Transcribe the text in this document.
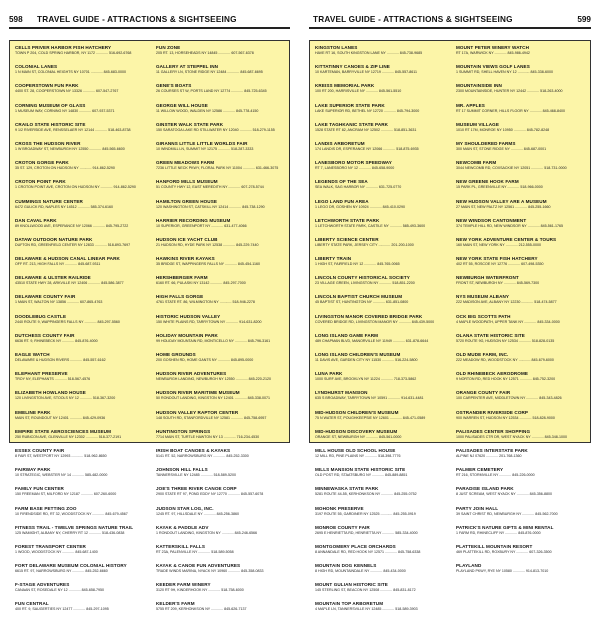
598 TRAVEL GUIDE - ATTRACTIONS & SIGHTSEEING
CELLS PRIVER HARBOR FISH HATCHERY
TOWN P 204, COLD SPRING HARBOR, NY 1172 ............ 516-692-6768
COLONIAL LANES
1 N MAIN ST, COLONIAL HEIGHTS NY 10701 ............ 845-683-0000
COOPERSTOWN FUN PARK
4400 ST. 28, COOPERSTOWN NY 13326 ............ 607-547-2767
CORNING MUSEUM OF GLASS
1 MUSEUM WAY, CORNING NY 14830 ............ 607-937-5371
CRAILO STATE HISTORIC SITE
9 1/2 RIVERSIDE AVE, RENSSELAER NY 12144 ............ 518-463-8738
CROSS THE HUDSON RIVER
1 W BROADWAY ST, NEWBURGH NY 12550 ............ 845-565-6600
CROTON GORGE PARK
35 ST. 129, CROTON ON HUDSON NY ............ 914-862-5290
CROTON POINT PARK
1 CROTON POINT AVE, CROTON ON HUDSON NY ............ 914-862-5290
CUMMINGS NATURE CENTER
6472 GULICK RD, NAPLES NY 14512 ............ 585-374-6160
DAN CAVAL PARK
89 KNOLLWOOD AVE, ESPERANCE NY 12066 ............ 845-795-2722
DATAW OUTDOOR NATURE PARK
DUFTON RD, GREENFIELD CENTER NY 12833 ............ 518-893-7697
DELAWARE & HUDSON CANAL LINEAR PARK
OFF RT. 213, HIGH FALLS NY ............ 845-687-9311
DELAWARE & ULSTER RAILRIDE
43510 STATE HWY 28, ARKVILLE NY 12406 ............ 845-586-3877
DELAWARE COUNTY FAIR
1 MAIN ST, WALTON NY 13856 ............ 607-865-4763
DOODLEBUG CASTLE
2440 ROUTE 9, WAPPINGERS FALLS NY ............ 845-297-5560
DUTCHESS COUNTY FAIR
6636 RT. 9, RHINEBECK NY ............ 845-876-4000
EAGLE WATCH
DELAWARE & HUDSON RIVERS ............ 845-557-6162
ELEPHANT PRESERVE
TROY NY, ELEPHANTS ............ 518-567-4576
ELIZABETH HOWLAND HOUSE
120 LIVINGSTON AVE, STOOLS NY 12 ............ 518-367-3200
EMELINE PARK
MAIN ST, ROUNDOUT NY 12401 ............ 845-429-0936
EMPIRE STATE AEROSCIENCES MUSEUM
250 RUBICON AVE, GLENVILLE NY 12302 ............ 518-377-2191
ESSEX COUNTY FAIR
8 FAIR ST, WESTPORT NY 12993 ............ 518-962-8650
FAIRWAY PARK
10 STRATEGIC, WEBSTER NY 14 ............ 585-482-0000
FAMILY FUN CENTER
150 FREEMAN ST, MILFORD NY 12187 ............ 607-260-6000
FARM BASE PETTING ZOO
10 FIRENDSIDE RD, RT 32, WOODSTOCK NY ............ 845-679-4567
FITNESS TRAIL - TWELVE SPRINGS NATURE TRAIL
125 WAMIGHT, ALBANY NY, CHERRY RT 12 ............ 518-436-0838
FOREST TRANSPORT CENTER
1 WOOD, WOODSTOCK NY ............ 845-687-1400
FORT DELAWARE MUSEUM COLONIAL HISTORY
6615 RT. 97, NARROWSBURG NY ............ 845-252-6660
F-STAGE ADVENTURES
CANAAN ST, ROSEDALE NY 12 ............ 845-658-7950
FUN CENTRAL
400 RT. 9, SAUGERTIES NY 12477 ............ 845-297-1095
FUN ZONE
205 RT. 13, HORSEHEADS NY 14845 ............ 607-567-6378
GALLERY AT STEPPEL INN
11 GALLERY LN, STONE RIDGE NY 12484 ............ 845-687-6695
GENE'S BOATS
26 COURSES ST W, PORTS LAND NY 12774 ............ 845-725-6345
GEORGE WILL HOUSE
11 WILLOW WOOD, WALDEN NY 12586 ............ 845-778-4150
GINSTER WALK STATE PARK
150 SARATOGA LAKE RD STILLWATER NY 12040 ............ 518-279-1155
GIRANNS LITTLE LITTLE WORLDS FAIR
10 WINDMILL LN, SUMMIT NY 12175 ............ 518-287-3333
GREEN MEADOWS FARM
7236 LITTLE NECK PKWY, FLORAL PARK NY 11004 ............ 631-466-3075
HANFORD MILLS MUSEUM
51 COUNTY HWY 12, EAST MEREDITH NY ............ 607-278-5744
HAMILTON GREEN HOUSE
120 WASHINGTON ST, CATSKILL NY 12414 ............ 845-738-1290
HARRIER RECORDING MUSEUM
10 SUPERIOR, GREENPORT NY ............ 631-477-4066
HUDSON ICE YACHT CLUB
21 HUDSON RD, HYDE PARK NY 12538 ............ 845-229-7440
HAWKINS RIVER KAYAKS
35 BRIDGE ST, WAPPINGERS FALLS NY ............ 845-454-1160
HERSHBERGER FARM
6160 RT. 66, PULASKI NY 13142 ............ 845-297-7000
HIGH FALLS GORGE
4761 STATE RT. 86, WILMINGTON NY ............ 518-946-2278
HISTORIC HUDSON VALLEY
150 WHITE PLAINS RD, TARRYTOWN NY ............ 914-631-8200
HOLIDAY MOUNTAIN PARK
99 HOLIDAY MOUNTAIN RD, MONTICELLO NY ............ 845-796-3161
HOME GROUNDS
200 GOSHEN RD, HOME GANTS NY ............ 845-895-0000
HUDSON RIVER ADVENTURES
NEWBURGH LANDING, NEWBURGH NY 12550 ............ 845-220-2120
HUDSON RIVER MARITIME MUSEUM
50 RONDOUT LANDING, KINGSTON NY 12401 ............ 845-338-0071
HUDSON VALLEY RAPTOR CENTER
148 SOUTH RD, STANFORDVILLE NY 12581 ............ 845-758-6957
HUNTINGTON SPRINGS
7714 MAIN ST, TURTLE HAWTON NY 13 ............ 716-234-4530
IRISH BOAT CANOES & KAYAKS
5141 RT. 52, NARROWSBURG NY ............ 845-252-3300
JOHNSON HILL FALLS
TANNERSVILLE NY 12485 ............ 518-589-5200
JOE'S THREE RIVER CANOE CORP
2900 STATE RT 97, POND EDDY NY 12770 ............ 845-557-6078
JUDSON STAR LOG, INC.
1245 RT. 97, HILLSDALE NY ............ 845-256-3860
KAYAK & PADDLE ADV
1 RONDOUT LANDING, KINGSTON NY ............ 845-246-6566
KATTERSKILL FALLS
RT 23A, PALENVILLE NY ............ 518-589-5058
KAYAK & CANOE FUN ADVENTURES
TRADE WINDS MARINA, NYACK NY 10960 ............ 845-358-0833
KEEDER FARM WINERY
3120 RT 9H, KINDERHOOK NY ............ 518-758-6000
KELDER'S FARM
5755 RT 209, KERHONKSON NY ............ 845-626-7137
TRAVEL GUIDE - ATTRACTIONS & SIGHTSEEING	599
KINGSTON LANES
HAVE RT 16, SOUTH KINGSTON LANE NY ............ 845-738-9685
KITTATINNY CANOES & ZIP LINE
10 KARTEMAN, BARRYVILLE NY 12719 ............ 845-557-8611
KREISS MEMORIAL PARK
100 RT 200, HARRISVILLE NY ............ 845-561-5510
LAKE SUPERIOR STATE PARK
LAKE SUPERIOR RD, BETHEL NY 12720 ............ 845-794-3000
LAKE TAGHKANIC STATE PARK
1528 STATE RT 82, ANCRAM NY 12502 ............ 518-851-3631
LANDIS ARBORETUM
174 LANDIS DR, ESPERANCE NY 12066 ............ 518-875-6935
LANESBORO MOTOR SPEEDWAY
RT 7, LANESBORO NY 12 ............ 845-658-9000
LEGENDS OF THE SEA
SEA WALK, SAG HARBOR NY ............ 631-725-0770
LEGO LAND FUN AREA
1 LEGO DR, GOSHEN NY 10924 ............ 845-410-0290
LETCHWORTH STATE PARK
1 LETCHWORTH STATE PARK, CASTILE NY ............ 585-493-3600
LIBERTY SCIENCE CENTER
LIBERTY STATE PARK, JERSEY CITY ............ 201-200-1000
LIBERTY TRAIN
1 HIGH ST, FAIRFIELD NY 12 ............ 845-765-0065
LINCOLN COUNTY HISTORICAL SOCIETY
23 VILLAGE GREEN, LIVINGSTON NY ............ 518-851-2200
LINCOLN BAPTIST CHURCH MUSEUM
45 BAPTIST ST, HUNTINGTON NY ............ 631-851-0800
LIVINGSTON MANOR COVERED BRIDGE PARK
COVERED BRIDGE RD, LIVINGSTON MANOR NY ............ 845-439-5000
LONG ISLAND GAME FARM
489 CHAPMAN BLVD, MANORVILLE NY 11949 ............ 631-878-6644
LONG ISLAND CHILDREN'S MUSEUM
11 DAVIS AVE, GARDEN CITY NY 11530 ............ 516-224-5800
LUNA PARK
1000 SURF AVE, BROOKLYN NY 11224 ............ 718-373-5862
LYNDHURST MANSION
635 S BROADWAY, TARRYTOWN NY 10591 ............ 914-631-4481
MID-HUDSON CHILDREN'S MUSEUM
75 N WATER ST, POUGHKEEPSIE NY 12601 ............ 845-471-0589
MID-HUDSON DISCOVERY MUSEUM
ORANGE ST, NEWBURGH NY ............ 845-561-0000
MILL HOUSE OLD SCHOOL HOUSE
12 MILL RD, PINE PLAINS NY ............ 518-398-7776
MILLS MANSION STATE HISTORIC SITE
OLD POST RD, STAATSBURG NY ............ 845-889-8851
MINNEWASKA STATE PARK
5281 ROUTE 44-55, KERHONKSON NY ............ 845-255-0752
MOHONK PRESERVE
3197 ROUTE 55, GARDINER NY 12525 ............ 845-255-0919
MONROE COUNTY FAIR
2695 E HENRIETTA RD, HENRIETTA NY ............ 585-334-4000
MONTGOMERY PLACE ORCHARDS
8 ANNANDALE RD, RED HOOK NY 12571 ............ 845-758-6338
MOUNTAIN DOG KENNELS
8 HIGH RD, MOUNTAINDALE NY ............ 845-434-0000
MOUNT GULIAN HISTORIC SITE
145 STERLING ST, BEACON NY 12508 ............ 845-831-8172
MOUNTAIN TOP ARBORETUM
4 MAPLE LN, TANNERSVILLE NY 12485 ............ 518-589-3903
MOUNT PETER WINERY WATCH
RT 17A, WARWICK NY ............ 845-986-4942
MOUNTAIN VIEWS GOLF LANES
1 SUMMIT RD, SHELL HAVEN NY 12 ............ 845-338-6000
MOUNTAINSIDE INN
2300 MOUNTAINSIDE, HUNTER NY 12442 ............ 518-263-4000
MR. APPLES
RT 17 SUMMIT CORNER, HILLS FLOOR NY ............ 845-468-8400
MUSEUM VILLAGE
1010 RT 17M, MONROE NY 10950 ............ 845-782-8248
MY SHOULDERED FARMS
300 MAIN ST, STONE RIDGE NY ............ 845-687-0001
NEWCOMB FARM
3044 NEWCOMB RD, COXSACKIE NY 12051 ............ 518-731-0000
NEW GREENE HOOK FARM
15 PARK PL, GREENVILLE NY ............ 518-966-0000
NEW HUDSON VALLEY ARE A MUSEUM
27 MAIN ST, NEW PALTZ NY 12561 ............ 845-255-1660
NEW WINDSOR CANTONMENT
374 TEMPLE HILL RD, NEW WINDSOR NY ............ 845-561-1765
NEW YORK ADVENTURE CENTER & TOURS
160 MAIN ST, NEW YORK NY ............ 212-555-0000
NEW YORK STATE FISH HATCHERY
402 RT 55, ROSCOE NY 12776 ............ 607-498-5350
NEWBURGH WATERFRONT
FRONT ST, NEWBURGH NY ............ 845-569-7300
NYS MUSEUM ALBANY
222 MADISON AVE, ALBANY NY 12230 ............ 518-474-5877
OCK BIG SCOTTS PATH
4 MAPLE WOODPATH, UPPER TANK NY ............ 845-334-0000
OLANA STATE HISTORIC SITE
5720 ROUTE 9G, HUDSON NY 12534 ............ 518-828-0135
OLD MUDE FARM, INC.
222 MEADOW RD, WOODSTOCK NY ............ 845-679-6000
OLD RHINEBECK AERODROME
9 NORTON RD, RED HOOK NY 12571 ............ 845-752-3200
ORANGE COUNTY FAIR
100 CARPENTER AVE, MIDDLETOWN NY ............ 845-343-4826
OSTRANDER RIVERSIDE CORP
900 WARREN ST, HUDSON NY 12534 ............ 518-828-9000
PALISADES CENTER SHOPPING
1000 PALISADES CTR DR, WEST NYACK NY ............ 845-348-1000
PALISADES INTERSTATE PARK
ALPINE NJ 07620 ............ 201-768-1360
PALMER CEMETERY
RT 216, STORMVILLE NY ............ 845-226-0000
PARADISE ISLAND PARK
8 JUST SCREAM, WEST NYACK NY ............ 845-356-8800
PARTY JOIN HALL
39 SAINT CHRIST RD, NEWBURGH NY ............ 845-562-7000
PATRICK'S NATURE GIFTS & MINI RENTAL
1 FARM RD, RHINECLIFF NY ............ 845-876-0000
PLATTEKILL MOUNTAIN RESORT
469 PLATTEKILL RD, ROXBURY NY ............ 607-326-3500
PLAYLAND
PLAYLAND PKWY, RYE NY 10580 ............ 914-813-7010
